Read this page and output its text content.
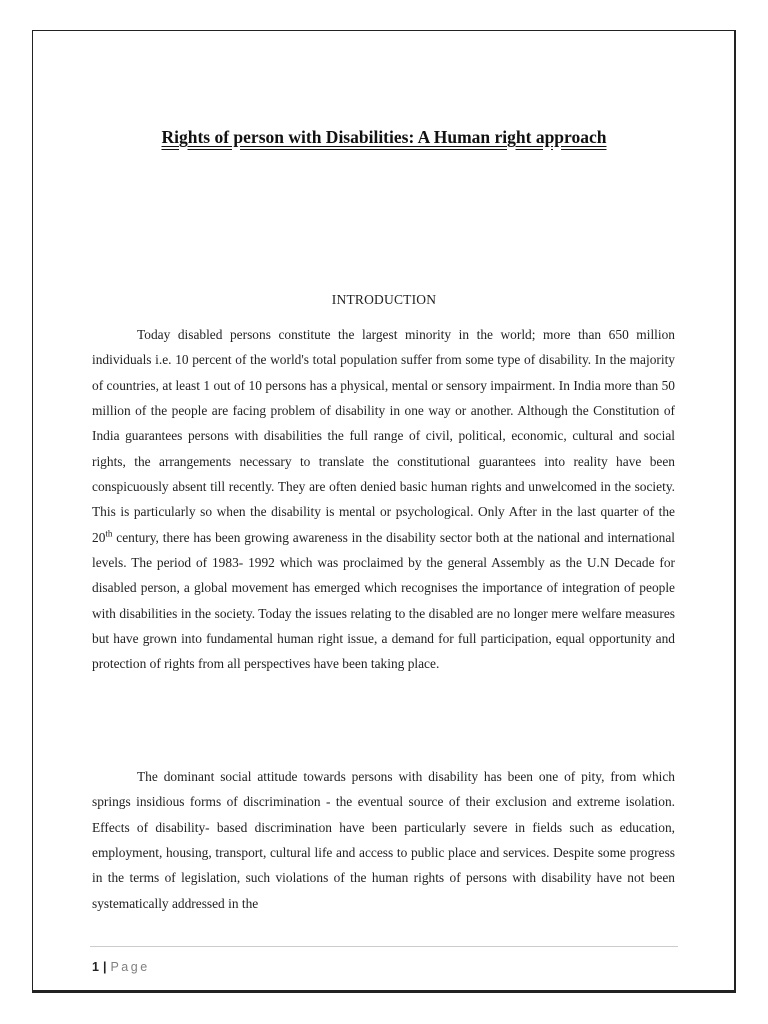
Rights of person with Disabilities: A Human right approach
INTRODUCTION

Today disabled persons constitute the largest minority in the world; more than 650 million individuals i.e. 10 percent of the world's total population suffer from some type of disability. In the majority of countries, at least 1 out of 10 persons has a physical, mental or sensory impairment. In India more than 50 million of the people are facing problem of disability in one way or another. Although the Constitution of India guarantees persons with disabilities the full range of civil, political, economic, cultural and social rights, the arrangements necessary to translate the constitutional guarantees into reality have been conspicuously absent till recently. They are often denied basic human rights and unwelcomed in the society. This is particularly so when the disability is mental or psychological. Only After in the last quarter of the 20th century, there has been growing awareness in the disability sector both at the national and international levels. The period of 1983- 1992 which was proclaimed by the general Assembly as the U.N Decade for disabled person, a global movement has emerged which recognises the importance of integration of people with disabilities in the society. Today the issues relating to the disabled are no longer mere welfare measures but have grown into fundamental human right issue, a demand for full participation, equal opportunity and protection of rights from all perspectives have been taking place.

The dominant social attitude towards persons with disability has been one of pity, from which springs insidious forms of discrimination - the eventual source of their exclusion and extreme isolation. Effects of disability- based discrimination have been particularly severe in fields such as education, employment, housing, transport, cultural life and access to public place and services. Despite some progress in the terms of legislation, such violations of the human rights of persons with disability have not been systematically addressed in the

1 | Page
